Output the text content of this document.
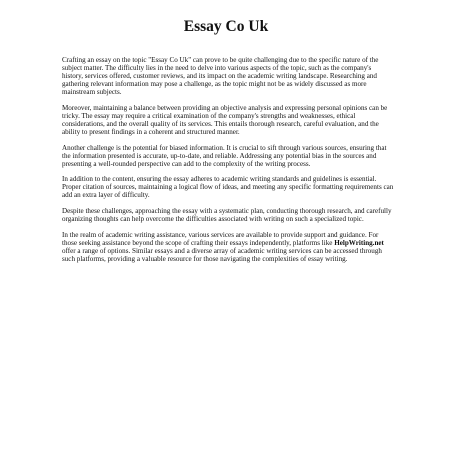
Essay Co Uk

Crafting an essay on the topic "Essay Co Uk" can prove to be quite challenging due to the specific nature of the subject matter. The difficulty lies in the need to delve into various aspects of the topic, such as the company's history, services offered, customer reviews, and its impact on the academic writing landscape. Researching and gathering relevant information may pose a challenge, as the topic might not be as widely discussed as more mainstream subjects.

Moreover, maintaining a balance between providing an objective analysis and expressing personal opinions can be tricky. The essay may require a critical examination of the company's strengths and weaknesses, ethical considerations, and the overall quality of its services. This entails thorough research, careful evaluation, and the ability to present findings in a coherent and structured manner.

Another challenge is the potential for biased information. It is crucial to sift through various sources, ensuring that the information presented is accurate, up-to-date, and reliable. Addressing any potential bias in the sources and presenting a well-rounded perspective can add to the complexity of the writing process.

In addition to the content, ensuring the essay adheres to academic writing standards and guidelines is essential. Proper citation of sources, maintaining a logical flow of ideas, and meeting any specific formatting requirements can add an extra layer of difficulty.

Despite these challenges, approaching the essay with a systematic plan, conducting thorough research, and carefully organizing thoughts can help overcome the difficulties associated with writing on such a specialized topic.

In the realm of academic writing assistance, various services are available to provide support and guidance. For those seeking assistance beyond the scope of crafting their essays independently, platforms like HelpWriting.net offer a range of options. Similar essays and a diverse array of academic writing services can be accessed through such platforms, providing a valuable resource for those navigating the complexities of essay writing.
